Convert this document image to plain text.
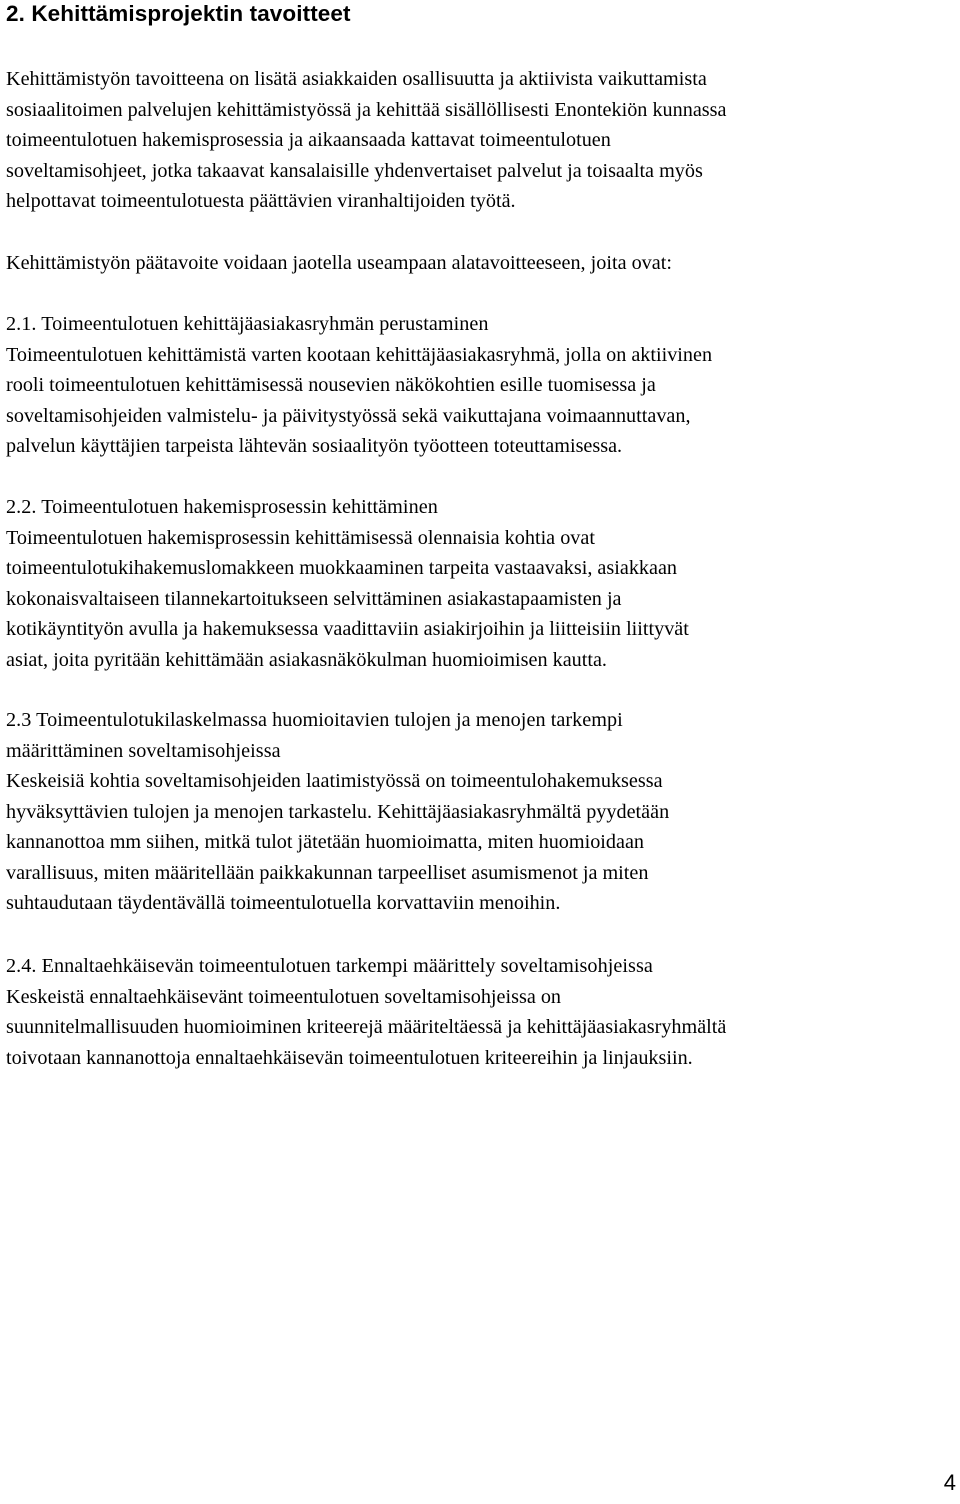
2. Kehittämisprojektin tavoitteet
Kehittämistyön tavoitteena on lisätä asiakkaiden osallisuutta ja aktiivista vaikuttamista
sosiaalitoimen palvelujen kehittämistyössä ja kehittää sisällöllisesti Enontekiön kunnassa
toimeentulotuen hakemisprosessia ja aikaansaada kattavat toimeentulotuen
soveltamisohjeet, jotka takaavat kansalaisille yhdenvertaiset palvelut ja toisaalta myös
helpottavat toimeentulotuesta päättävien viranhaltijoiden työtä.
Kehittämistyön päätavoite voidaan jaotella useampaan alatavoitteeseen, joita ovat:
2.1. Toimeentulotuen kehittäjäasiakasryhmän perustaminen
Toimeentulotuen kehittämistä varten kootaan kehittäjäasiakasryhmä, jolla on aktiivinen
rooli toimeentulotuen kehittämisessä nousevien näkökohtien esille tuomisessa ja
soveltamisohjeiden valmistelu- ja päivitystyössä sekä vaikuttajana voimaannuttavan,
palvelun käyttäjien tarpeista lähtevän sosiaalityön työotteen toteuttamisessa.
2.2. Toimeentulotuen hakemisprosessin kehittäminen
Toimeentulotuen hakemisprosessin kehittämisessä olennaisia kohtia ovat
toimeentulotukihakemuslomakkeen muokkaaminen tarpeita vastaavaksi, asiakkaan
kokonaisvaltaiseen tilannekartoitukseen selvittäminen asiakastapaamisten ja
kotikäyntityön avulla ja hakemuksessa vaadittaviin asiakirjoihin ja liitteisiin liittyvät
asiat, joita pyritään kehittämään asiakasnäkökulman huomioimisen kautta.
2.3 Toimeentulotukilaskelmassa huomioitavien tulojen ja menojen tarkempi
määrittäminen soveltamisohjeissa
Keskeisiä kohtia soveltamisohjeiden laatimistyössä on toimeentulohakemuksessa
hyväksyttävien tulojen ja menojen tarkastelu. Kehittäjäasiakasryhmältä pyydetään
kannanottoa mm siihen, mitkä tulot jätetään huomioimatta, miten huomioidaan
varallisuus, miten määritellään paikkakunnan tarpeelliset asumismenot ja miten
suhtaudutaan täydentävällä toimeentulotuella korvattaviin menoihin.
2.4. Ennaltaehkäisevän toimeentulotuen tarkempi määrittely soveltamisohjeissa
Keskeistä ennaltaehkäisevänt toimeentulotuen soveltamisohjeissa on
suunnitelmallisuuden huomioiminen kriteerejä määriteltäessä ja kehittäjäasiakasryhmältä
toivotaan kannanottoja ennaltaehkäisevän toimeentulotuen kriteereihin ja linjauksiin.
4
